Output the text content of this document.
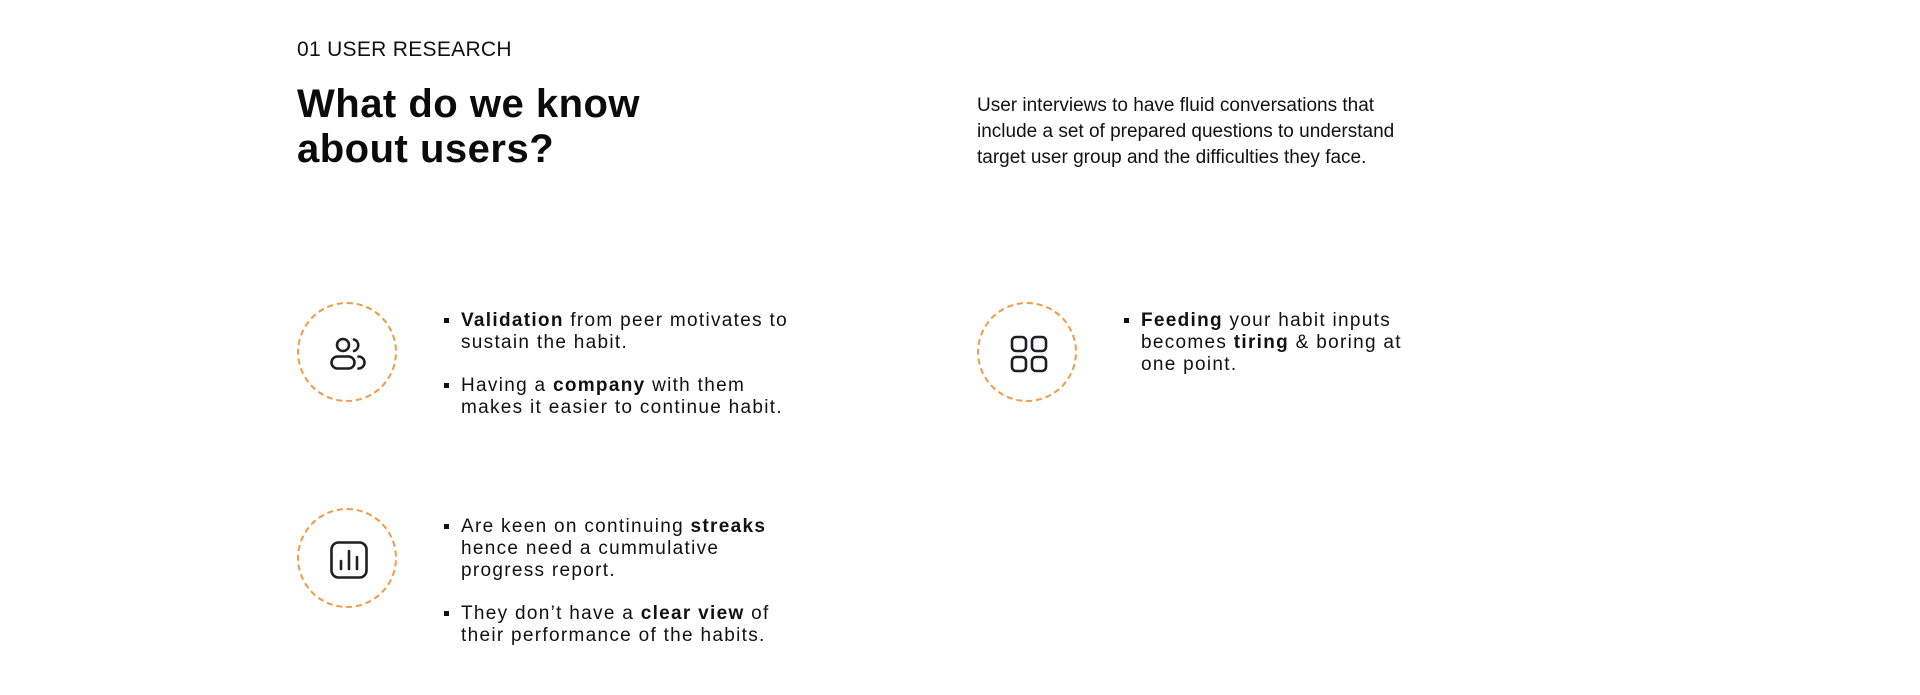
01 USER RESEARCH
What do we know
about users?

User interviews to have fluid conversations that
include a set of prepared questions to understand
target user group and the difficulties they face.

Validation from peer motivates to
sustain the habit.
Having a company with them
makes it easier to continue habit.
Feeding your habit inputs
becomes tiring & boring at
one point.
Are keen on continuing streaks
hence need a cummulative
progress report.
They don’t have a clear view of
their performance of the habits.
